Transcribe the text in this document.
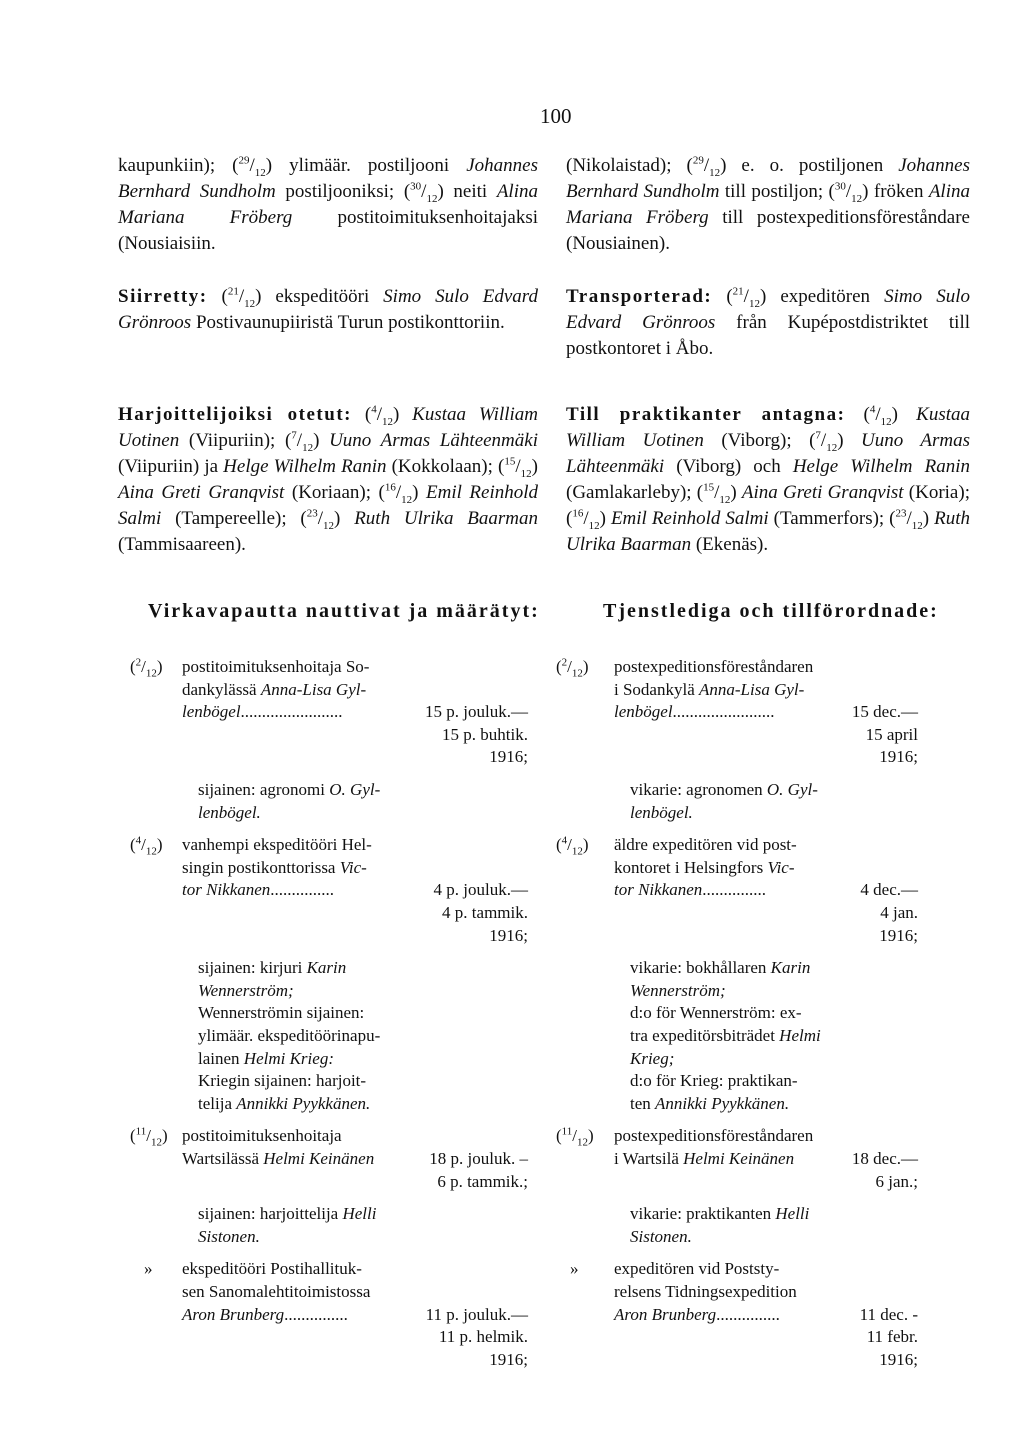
100
kaupunkiin); $(^{29}/_{12})$ ylimäär. postiljooni Johannes Bernhard Sundholm postiljooniksi; $(^{30}/_{12})$ neiti Alina Mariana Fröberg postitoimituksenhoitajaksi (Nousiaisiin.
Siirretty: $(^{21}/_{12})$ ekspeditööri Simo Sulo Edvard Grönroos Postivaunupiiristä Turun postikonttoriin.
Harjoittelijoiksi otetut: $(^4/_{12})$ Kustaa William Uotinen (Viipuriin); $(^7/_{12})$ Uuno Armas Lähteenmäki (Viipuriin) ja Helge Wilhelm Ranin (Kokkolaan); $(^{15}/_{12})$ Aina Greti Granqvist (Koriaan); $(^{16}/_{12})$ Emil Reinhold Salmi (Tampereelle); $(^{23}/_{12})$ Ruth Ulrika Baarman (Tammisaareen).
(Nikolaistad); $(^{29}/_{12})$ e. o. postiljonen Johannes Bernhard Sundholm till postiljon; $(^{30}/_{12})$ fröken Alina Mariana Fröberg till postexpeditionsföreståndare (Nousiainen).
Transporterad: $(^{21}/_{12})$ expeditören Simo Sulo Edvard Grönroos från Kupépostdistriktet till postkontoret i Åbo.
Till praktikanter antagna: $(^4/_{12})$ Kustaa William Uotinen (Viborg); $(^7/_{12})$ Uuno Armas Lähteenmäki (Viborg) och Helge Wilhelm Ranin (Gamlakarleby); $(^{15}/_{12})$ Aina Greti Granqvist (Koria); $(^{16}/_{12})$ Emil Reinhold Salmi (Tammerfors); $(^{23}/_{12})$ Ruth Ulrika Baarman (Ekenäs).
Virkavapautta nauttivat ja määrätyt:	Tjenstlediga och tillförordnade:
$(^2/_{12})$ postitoimituksenhoitaja So-
dankylässä Anna-Lisa Gyl-
lenbögel........................	15 p. jouluk.—
15 p. buhtik.
1916;
sijainen: agronomi O. Gyl-
lenbögel.
$(^4/_{12})$ vanhempi ekspeditööri Hel-
singin postikonttorissa Vic-
tor Nikkanen...............	4 p. jouluk.—
4 p. tammik.
1916;
sijainen: kirjuri Karin
Wennerström;
Wennerströmin sijainen:
ylimäär. ekspeditöörinapu-
lainen Helmi Krieg:
Kriegin sijainen: harjoit-
telija Annikki Pyykkänen.
$(^{11}/_{12})$ postitoimituksenhoitaja
Wartsilässä Helmi Keinänen	18 p. jouluk. –
6 p. tammik.;
sijainen: harjoittelija Helli
Sistonen.
» ekspeditööri Postihallituk-
sen Sanomalehtitoimistossa
Aron Brunberg...............	11 p. jouluk.—
11 p. helmik.
1916;
$(^2/_{12})$ postexpeditionsföreståndaren
i Sodankylä Anna-Lisa Gyl-
lenbögel........................	15 dec.—
15 april
1916;
vikarie: agronomen O. Gyl-
lenbögel.
$(^4/_{12})$ äldre expeditören vid post-
kontoret i Helsingfors Vic-
tor Nikkanen...............	4 dec.—
4 jan.
1916;
vikarie: bokhållaren Karin
Wennerström;
d:o för Wennerström: ex-
tra expeditörsbiträdet Helmi
Krieg;
d:o för Krieg: praktikan-
ten Annikki Pyykkänen.
$(^{11}/_{12})$ postexpeditionsföreståndaren
i Wartsilä Helmi Keinänen	18 dec.—
6 jan.;
vikarie: praktikanten Helli
Sistonen.
» expeditören vid Poststy-
relsens Tidningsexpedition
Aron Brunberg...............	11 dec. -
11 febr.
1916;
